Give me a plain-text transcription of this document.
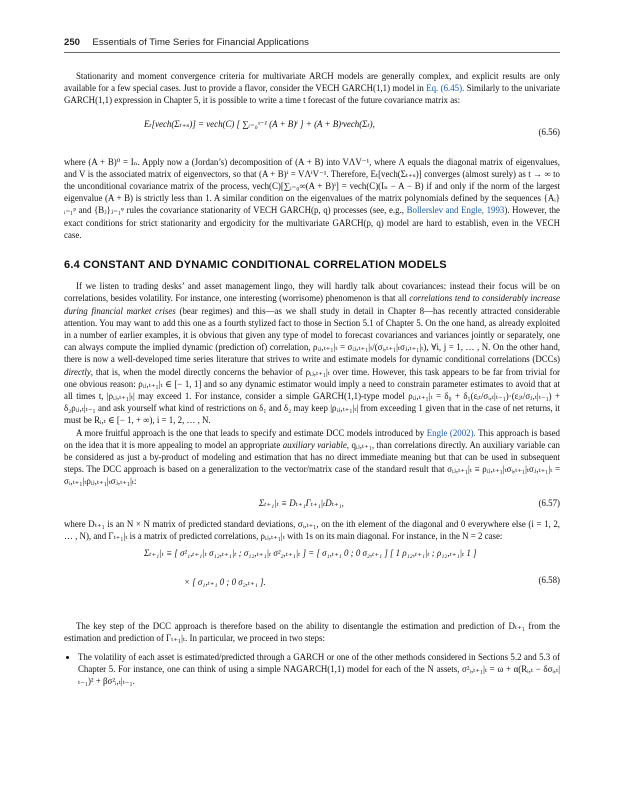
250 Essentials of Time Series for Financial Applications

Stationarity and moment convergence criteria for multivariate ARCH models are generally complex, and explicit results are only available for a few special cases. Just to provide a flavor, consider the VECH GARCH(1,1) model in Eq. (6.45). Similarly to the univariate GARCH(1,1) expression in Chapter 5, it is possible to write a time t forecast of the future covariance matrix as:

Eₜ[vech(Σₜ₊ₛ)] = vech(C) [ ∑ᵢ₌₀ˢ⁻¹ (A + B)ⁱ ] + (A + B)ˢvech(Σₜ),
(6.56)

where (A + B)⁰ = Iₙ. Apply now a (Jordan’s) decomposition of (A + B) into VΛV⁻¹, where Λ equals the diagonal matrix of eigenvalues, and V is the associated matrix of eigenvectors, so that (A + B)ⁱ = VΛⁱV⁻¹. Therefore, Eₜ[vech(Σₜ₊ₛ)] converges (almost surely) as t → ∞ to the unconditional covariance matrix of the process, vech(C)[∑ᵢ₌₀∞(A + B)ⁱ] = vech(C)(Iₙ − A − B) if and only if the norm of the largest eigenvalue (A + B) is strictly less than 1. A similar condition on the eigenvalues of the matrix polynomials defined by the sequences {Aᵢ}ᵢ₌₁ᵖ and {Bⱼ}ⱼ₌₁ᵠ rules the covariance stationarity of VECH GARCH(p, q) processes (see, e.g., Bollerslev and Engle, 1993). However, the exact conditions for strict stationarity and ergodicity for the multivariate GARCH(p, q) model are hard to establish, even in the VECH case.

6.4 CONSTANT AND DYNAMIC CONDITIONAL CORRELATION MODELS

If we listen to trading desks’ and asset management lingo, they will hardly talk about covariances: instead their focus will be on correlations, besides volatility. For instance, one interesting (worrisome) phenomenon is that all correlations tend to considerably increase during financial market crises (bear regimes) and this—as we shall study in detail in Chapter 8—has recently attracted considerable attention. You may want to add this one as a fourth stylized fact to those in Section 5.1 of Chapter 5. On the one hand, as already exploited in a number of earlier examples, it is obvious that given any type of model to forecast covariances and variances jointly or separately, one can always compute the implied dynamic (prediction of) correlation, ρᵢⱼ,ₜ₊₁|ₜ = σᵢⱼ,ₜ₊₁|ₜ/(σᵢ,ₜ₊₁|ₜσⱼ,ₜ₊₁|ₜ), ∀i, j = 1, … , N. On the other hand, there is now a well-developed time series literature that strives to write and estimate models for dynamic conditional correlations (DCCs) directly, that is, when the model directly concerns the behavior of ρᵢⱼ,ₜ₊₁|ₜ over time. However, this task appears to be far from trivial for one obvious reason: ρᵢⱼ,ₜ₊₁|ₜ ∈ [− 1, 1] and so any dynamic estimator would imply a need to constrain parameter estimates to avoid that at all times t, |ρᵢⱼ,ₜ₊₁|ₜ| may exceed 1. For instance, consider a simple GARCH(1,1)-type model ρᵢⱼ,ₜ₊₁|ₜ = δ₀ + δ₁(εᵢₜ/σᵢ,ₜ|ₜ₋₁)·(εⱼₜ/σⱼ,ₜ|ₜ₋₁) + δ₂ρᵢⱼ,ₜ|ₜ₋₁ and ask yourself what kind of restrictions on δ₁ and δ₂ may keep |ρᵢⱼ,ₜ₊₁|ₜ| from exceeding 1 given that in the case of net returns, it must be Rᵢ,ₜ ∈ [− 1, + ∞), i = 1, 2, … , N.

A more fruitful approach is the one that leads to specify and estimate DCC models introduced by Engle (2002). This approach is based on the idea that it is more appealing to model an appropriate auxiliary variable, qᵢⱼ,ₜ₊₁, than correlations directly. An auxiliary variable can be considered as just a by-product of modeling and estimation that has no direct immediate meaning but that can be used in subsequent steps. The DCC approach is based on a generalization to the vector/matrix case of the standard result that σᵢⱼ,ₜ₊₁|ₜ ≡ ρᵢⱼ,ₜ₊₁|ₜσᵢ,ₜ₊₁|ₜσⱼ,ₜ₊₁|ₜ = σᵢ,ₜ₊₁|ₜρᵢⱼ,ₜ₊₁|ₜσⱼ,ₜ₊₁|ₜ:

Σₜ₊₁|ₜ ≡ Dₜ₊₁Γₜ₊₁|ₜDₜ₊₁,	(6.57)

where Dₜ₊₁ is an N × N matrix of predicted standard deviations, σᵢ,ₜ₊₁, on the ith element of the diagonal and 0 everywhere else (i = 1, 2, … , N), and Γₜ₊₁|ₜ is a matrix of predicted correlations, ρᵢⱼ,ₜ₊₁|ₜ with 1s on its main diagonal. For instance, in the N = 2 case:

Σₜ₊₁|ₜ ≡ [ σ²₁,ₜ₊₁|ₜ σ₁₂,ₜ₊₁|ₜ ; σ₁₂,ₜ₊₁|ₜ σ²₂,ₜ₊₁|ₜ ] = [ σ₁,ₜ₊₁ 0 ; 0 σ₂,ₜ₊₁ ] [ 1 ρ₁₂,ₜ₊₁|ₜ ; ρ₁₂,ₜ₊₁|ₜ 1 ]
× [ σ₁,ₜ₊₁ 0 ; 0 σ₂,ₜ₊₁ ].	(6.58)

The key step of the DCC approach is therefore based on the ability to disentangle the estimation and prediction of Dₜ₊₁ from the estimation and prediction of Γₜ₊₁|ₜ. In particular, we proceed in two steps:

• The volatility of each asset is estimated/predicted through a GARCH or one of the other methods considered in Sections 5.2 and 5.3 of Chapter 5. For instance, one can think of using a simple NAGARCH(1,1) model for each of the N assets, σ²ᵢ,ₜ₊₁|ₜ = ω + α(Rᵢ,ₜ − δσᵢ,ₜ|ₜ₋₁)² + βσ²ᵢ,ₜ|ₜ₋₁.
